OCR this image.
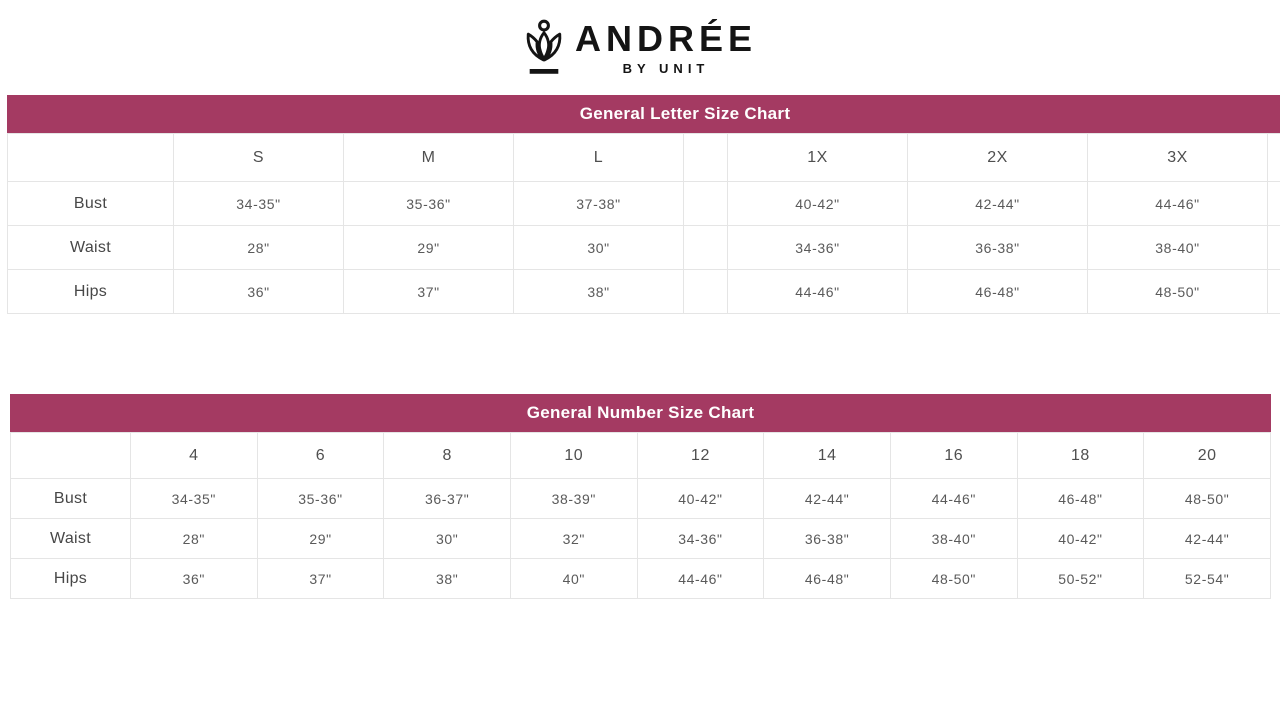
ANDRÉE
BY UNIT
General Letter Size Chart
	S	M	L		1X	2X	3X	
Bust	34-35"	35-36"	37-38"		40-42"	42-44"	44-46"	
Waist	28"	29"	30"		34-36"	36-38"	38-40"	
Hips	36"	37"	38"		44-46"	46-48"	48-50"	
General Number Size Chart
	4	6	8	10	12	14	16	18	20
Bust	34-35"	35-36"	36-37"	38-39"	40-42"	42-44"	44-46"	46-48"	48-50"
Waist	28"	29"	30"	32"	34-36"	36-38"	38-40"	40-42"	42-44"
Hips	36"	37"	38"	40"	44-46"	46-48"	48-50"	50-52"	52-54"
